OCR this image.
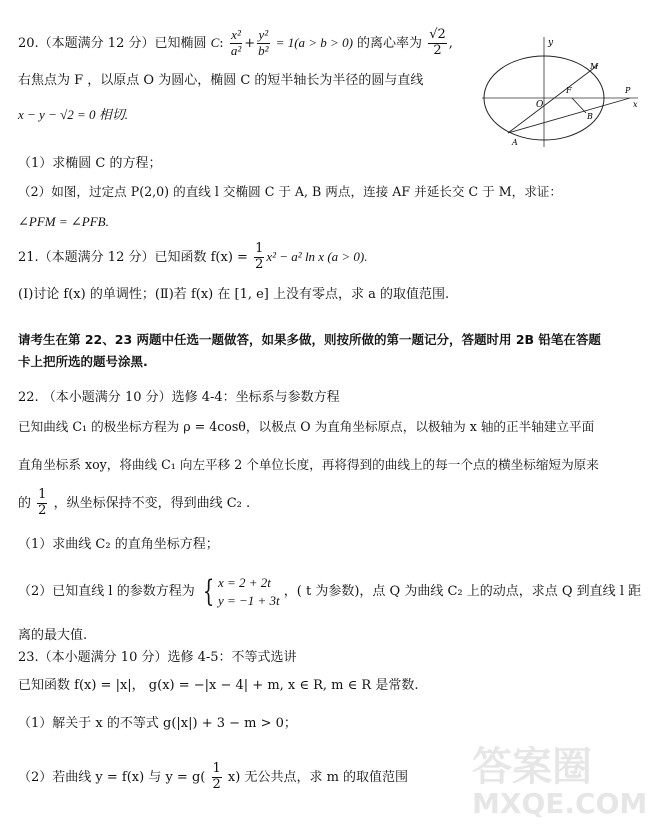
20.（本题满分 12 分）已知椭圆 C: $\frac{\text{x²}}{\text{a²}} + \frac{\text{y²}}{\text{b²}} = 1(a > b > 0)$ 的离心率为 $\frac{√2}{2}$ ,
右焦点为 F ，以原点 O 为圆心，椭圆 C 的短半轴长为半径的圆与直线
x − y − √2 = 0 相切.
（1）求椭圆 C 的方程；
（2）如图，过定点 P(2,0) 的直线 l 交椭圆 C 于 A, B 两点，连接 AF 并延长交 C 于 M，求证：
∠PFM = ∠PFB.
y
O
F	P
x
M
B
A
21.（本题满分 12 分）已知函数 $f(x) = \frac{1}{2} x^2 - a^2$ ln x (a > 0).
(Ⅰ)讨论 f(x) 的单调性；(Ⅱ)若 f(x) 在 [1, e] 上没有零点，求 a 的取值范围.
请考生在第 22、23 两题中任选一题做答，如果多做，则按所做的第一题记分，答题时用 2B 铅笔在答题
卡上把所选的题号涂黑.
22. （本小题满分 10 分）选修 4-4：坐标系与参数方程
已知曲线 C₁ 的极坐标方程为 ρ = 4cosθ，以极点 O 为直角坐标原点，以极轴为 x 轴的正半轴建立平面
直角坐标系 xoy，将曲线 C₁ 向左平移 2 个单位长度，再将得到的曲线上的每一个点的横坐标缩短为原来
的 $\frac{1}{2}$ ，纵坐标保持不变，得到曲线 C₂ .
（1）求曲线 C₂ 的直角坐标方程；
（2）已知直线 l 的参数方程为 { x = 2 + 2t
y = −1 + 3t
，( t 为参数)，点 Q 为曲线 C₂ 上的动点，求点 Q 到直线 l 距
离的最大值.
23.（本小题满分 10 分）选修 4-5：不等式选讲
已知函数 f(x) = |x|， g(x) = −|x − 4| + m, x ∈ R, m ∈ R 是常数.
（1）解关于 x 的不等式 g(|x|) + 3 − m > 0；
（2）若曲线 y = f(x) 与 $y = g( \frac{1}{2} x)$ 无公共点，求 m 的取值范围 答案圈
MXQE.COM
